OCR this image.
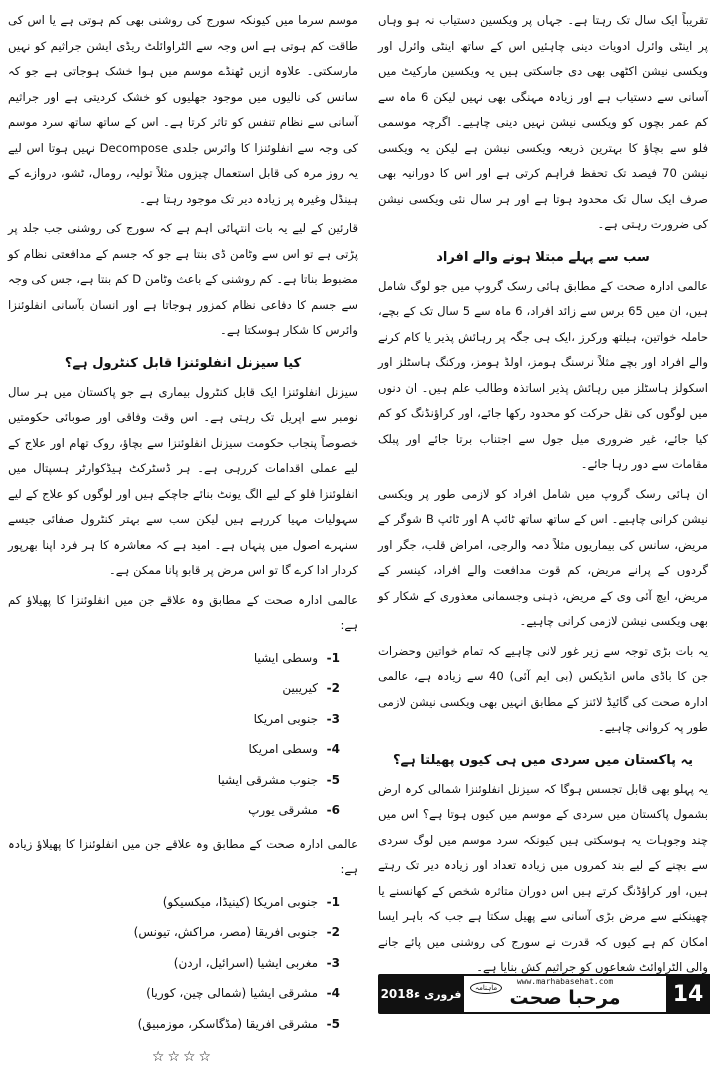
تقریباً ایک سال تک رہتا ہے۔ جہاں پر ویکسین دستیاب نہ ہو وہاں پر اینٹی وائرل ادویات دینی چاہئیں اس کے ساتھ اینٹی وائرل اور ویکسی نیشن اکٹھی بھی دی جاسکتی ہیں یہ ویکسین مارکیٹ میں آسانی سے دستیاب ہے اور زیادہ مہنگی بھی نہیں لیکن 6 ماہ سے کم عمر بچوں کو ویکسی نیشن نہیں دینی چاہیے۔ اگرچہ موسمی فلو سے بچاؤ کا بہترین ذریعہ ویکسی نیشن ہے لیکن یہ ویکسی نیشن 70 فیصد تک تحفظ فراہم کرتی ہے اور اس کا دورانیہ بھی صرف ایک سال تک محدود ہوتا ہے اور ہر سال نئی ویکسی نیشن کی ضرورت رہتی ہے۔

سب سے پہلے مبتلا ہونے والے افراد

عالمی ادارہ صحت کے مطابق ہائی رسک گروپ میں جو لوگ شامل ہیں، ان میں 65 برس سے زائد افراد، 6 ماہ سے 5 سال تک کے بچے، حاملہ خواتین، ہیلتھ ورکرز ،ایک ہی جگہ پر رہائش پذیر یا کام کرنے والے افراد اور بچے مثلاً نرسنگ ہومز، اولڈ ہومز، ورکنگ ہاسٹلز اور اسکولز ہاسٹلز میں رہائش پذیر اساتذہ وطالب علم ہیں۔ ان دنوں میں لوگوں کی نقل حرکت کو محدود رکھا جائے، اور کراؤنڈنگ کو کم کیا جائے، غیر ضروری میل جول سے اجتناب برتا جائے اور پبلک مقامات سے دور رہا جائے۔

ان ہائی رسک گروپ میں شامل افراد کو لازمی طور پر ویکسی نیشن کرانی چاہیے۔ اس کے ساتھ ساتھ ٹائپ A اور ٹائپ B شوگر کے مریض، سانس کی بیماریوں مثلاً دمہ والرجی، امراض قلب، جگر اور گردوں کے پرانے مریض، کم قوت مدافعت والے افراد، کینسر کے مریض، ایچ آئی وی کے مریض، ذہنی وجسمانی معذوری کے شکار کو بھی ویکسی نیشن لازمی کرانی چاہیے۔

یہ بات بڑی توجہ سے زیر غور لانی چاہیے کہ تمام خواتین وحضرات جن کا باڈی ماس انڈیکس (بی ایم آئی) 40 سے زیادہ ہے، عالمی ادارہ صحت کی گائیڈ لائنز کے مطابق انہیں بھی ویکسی نیشن لازمی طور پہ کروانی چاہیے۔

یہ پاکستان میں سردی میں ہی کیوں پھیلتا ہے؟

یہ پہلو بھی قابل تجسس ہوگا کہ سیزنل انفلوئنزا شمالی کرہ ارض بشمول پاکستان میں سردی کے موسم میں کیوں ہوتا ہے؟ اس میں چند وجوہات یہ ہوسکتی ہیں کیونکہ سرد موسم میں لوگ سردی سے بچنے کے لیے بند کمروں میں زیادہ تعداد اور زیادہ دیر تک رہتے ہیں، اور کراؤڈنگ کرتے ہیں اس دوران متاثرہ شخص کے کھانسنے یا چھینکنے سے مرض بڑی آسانی سے پھیل سکتا ہے جب کہ باہر ایسا امکان کم ہے کیوں کہ قدرت نے سورج کی روشنی میں پائے جانے والی الٹراوائٹ شعاعوں کو جراثیم کش بنایا ہے۔

موسم سرما میں کیونکہ سورج کی روشنی بھی کم ہوتی ہے یا اس کی طاقت کم ہوتی ہے اس وجہ سے الٹراوائلٹ ریڈی ایشن جراثیم کو نہیں مارسکتی۔ علاوہ ازیں ٹھنڈے موسم میں ہوا خشک ہوجاتی ہے جو کہ سانس کی نالیوں میں موجود جھلیوں کو خشک کردیتی ہے اور جراثیم آسانی سے نظام تنفس کو تاثر کرتا ہے۔ اس کے ساتھ ساتھ سرد موسم کی وجہ سے انفلوئنزا کا وائرس جلدی Decompose نہیں ہوتا اس لیے یہ روز مرہ کی قابل استعمال چیزوں مثلاً تولیہ، رومال، ٹشو، دروازے کے ہینڈل وغیرہ پر زیادہ دیر تک موجود رہتا ہے۔

قارئین کے لیے یہ بات انتہائی اہم ہے کہ سورج کی روشنی جب جلد پر پڑتی ہے تو اس سے وٹامن ڈی بنتا ہے جو کہ جسم کے مدافعتی نظام کو مضبوط بناتا ہے۔ کم روشنی کے باعث وٹامن D کم بنتا ہے، جس کی وجہ سے جسم کا دفاعی نظام کمزور ہوجاتا ہے اور انسان بآسانی انفلوئنزا وائرس کا شکار ہوسکتا ہے۔

کیا سیزنل انفلوئنزا قابل کنٹرول ہے؟

سیزنل انفلوئنزا ایک قابل کنٹرول بیماری ہے جو پاکستان میں ہر سال نومبر سے اپریل تک رہتی ہے۔ اس وقت وفاقی اور صوبائی حکومتیں خصوصاً پنجاب حکومت سیزنل انفلوئنزا سے بچاؤ، روک تھام اور علاج کے لیے عملی اقدامات کررہی ہے۔ ہر ڈسٹرکٹ ہیڈکوارٹر ہسپتال میں انفلوئنزا فلو کے لیے الگ یونٹ بنائے جاچکے ہیں اور لوگوں کو علاج کے لیے سہولیات مہیا کررہے ہیں لیکن سب سے بہتر کنٹرول صفائی جیسے سنہرے اصول میں پنہاں ہے۔ امید ہے کہ معاشرہ کا ہر فرد اپنا بھرپور کردار ادا کرے گا تو اس مرض پر قابو پانا ممکن ہے۔

عالمی ادارہ صحت کے مطابق وہ علاقے جن میں انفلوئنزا کا پھیلاؤ کم ہے:

1-وسطی ایشیا
2-کیریبین
3-جنوبی امریکا
4-وسطی امریکا
5-جنوب مشرقی ایشیا
6-مشرقی یورپ

عالمی ادارہ صحت کے مطابق وہ علاقے جن میں انفلوئنزا کا پھیلاؤ زیادہ ہے:

1-جنوبی امریکا (کینیڈا، میکسیکو)
2-جنوبی افریقا (مصر، مراکش، تیونس)
3-مغربی ایشیا (اسرائیل، اردن)
4-مشرقی ایشیا (شمالی چین، کوریا)
5-مشرقی افریقا (مڈگاسکر، موزمبیق)
☆☆☆☆
2018ء فروری
www.marhabasehat.com
ماہنامہ مرحبا صحت	14
